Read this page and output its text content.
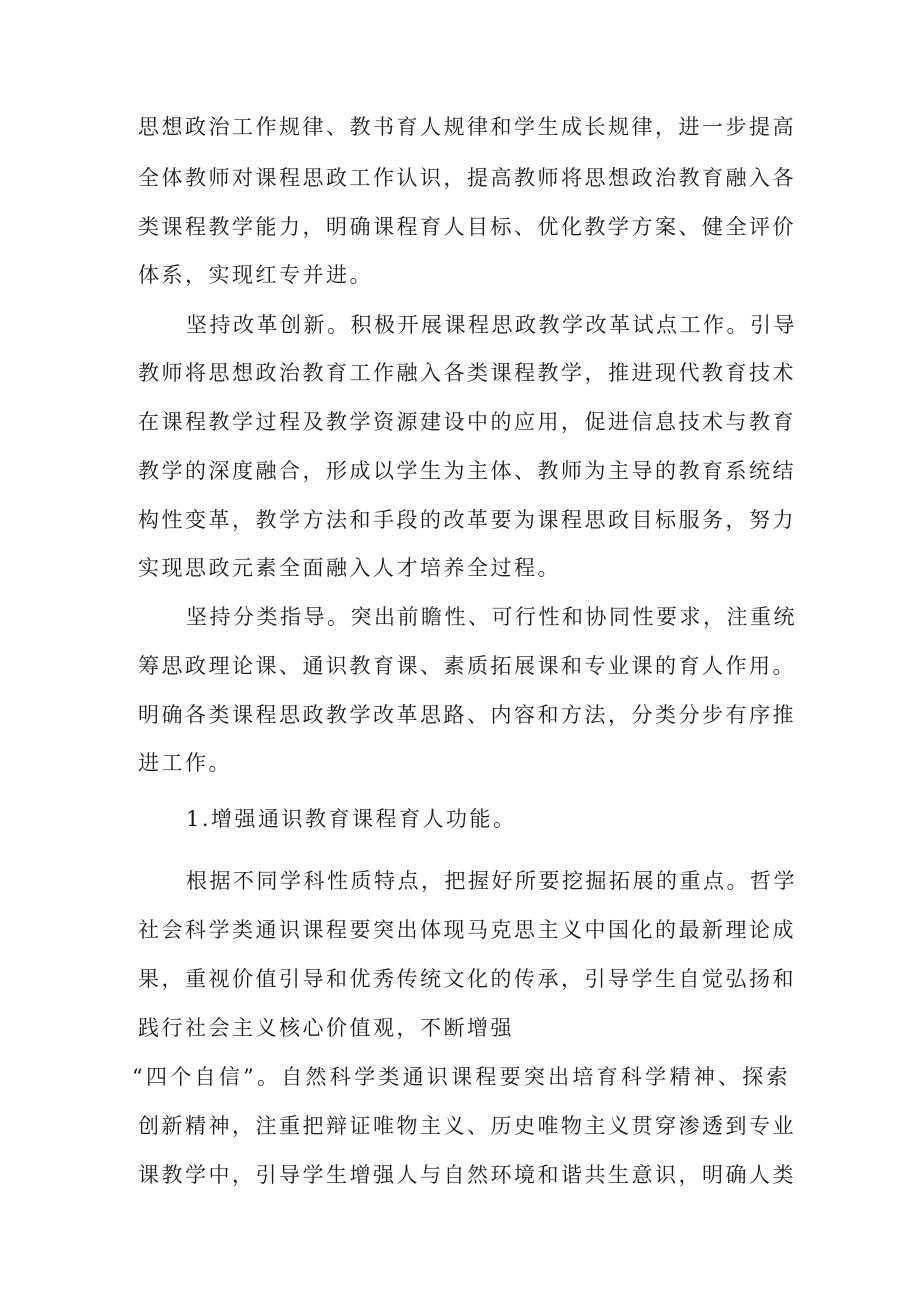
思想政治工作规律、教书育人规律和学生成长规律，进一步提高
全体教师对课程思政工作认识，提高教师将思想政治教育融入各
类课程教学能力，明确课程育人目标、优化教学方案、健全评价
体系，实现红专并进。
坚持改革创新。积极开展课程思政教学改革试点工作。引导
教师将思想政治教育工作融入各类课程教学，推进现代教育技术
在课程教学过程及教学资源建设中的应用，促进信息技术与教育
教学的深度融合，形成以学生为主体、教师为主导的教育系统结
构性变革，教学方法和手段的改革要为课程思政目标服务，努力
实现思政元素全面融入人才培养全过程。
坚持分类指导。突出前瞻性、可行性和协同性要求，注重统
筹思政理论课、通识教育课、素质拓展课和专业课的育人作用。
明确各类课程思政教学改革思路、内容和方法，分类分步有序推
进工作。
1.增强通识教育课程育人功能。
根据不同学科性质特点，把握好所要挖掘拓展的重点。哲学
社会科学类通识课程要突出体现马克思主义中国化的最新理论成
果，重视价值引导和优秀传统文化的传承，引导学生自觉弘扬和
践行社会主义核心价值观，不断增强
“四个自信”。自然科学类通识课程要突出培育科学精神、探索
创新精神，注重把辩证唯物主义、历史唯物主义贯穿渗透到专业
课教学中，引导学生增强人与自然环境和谐共生意识，明确人类
